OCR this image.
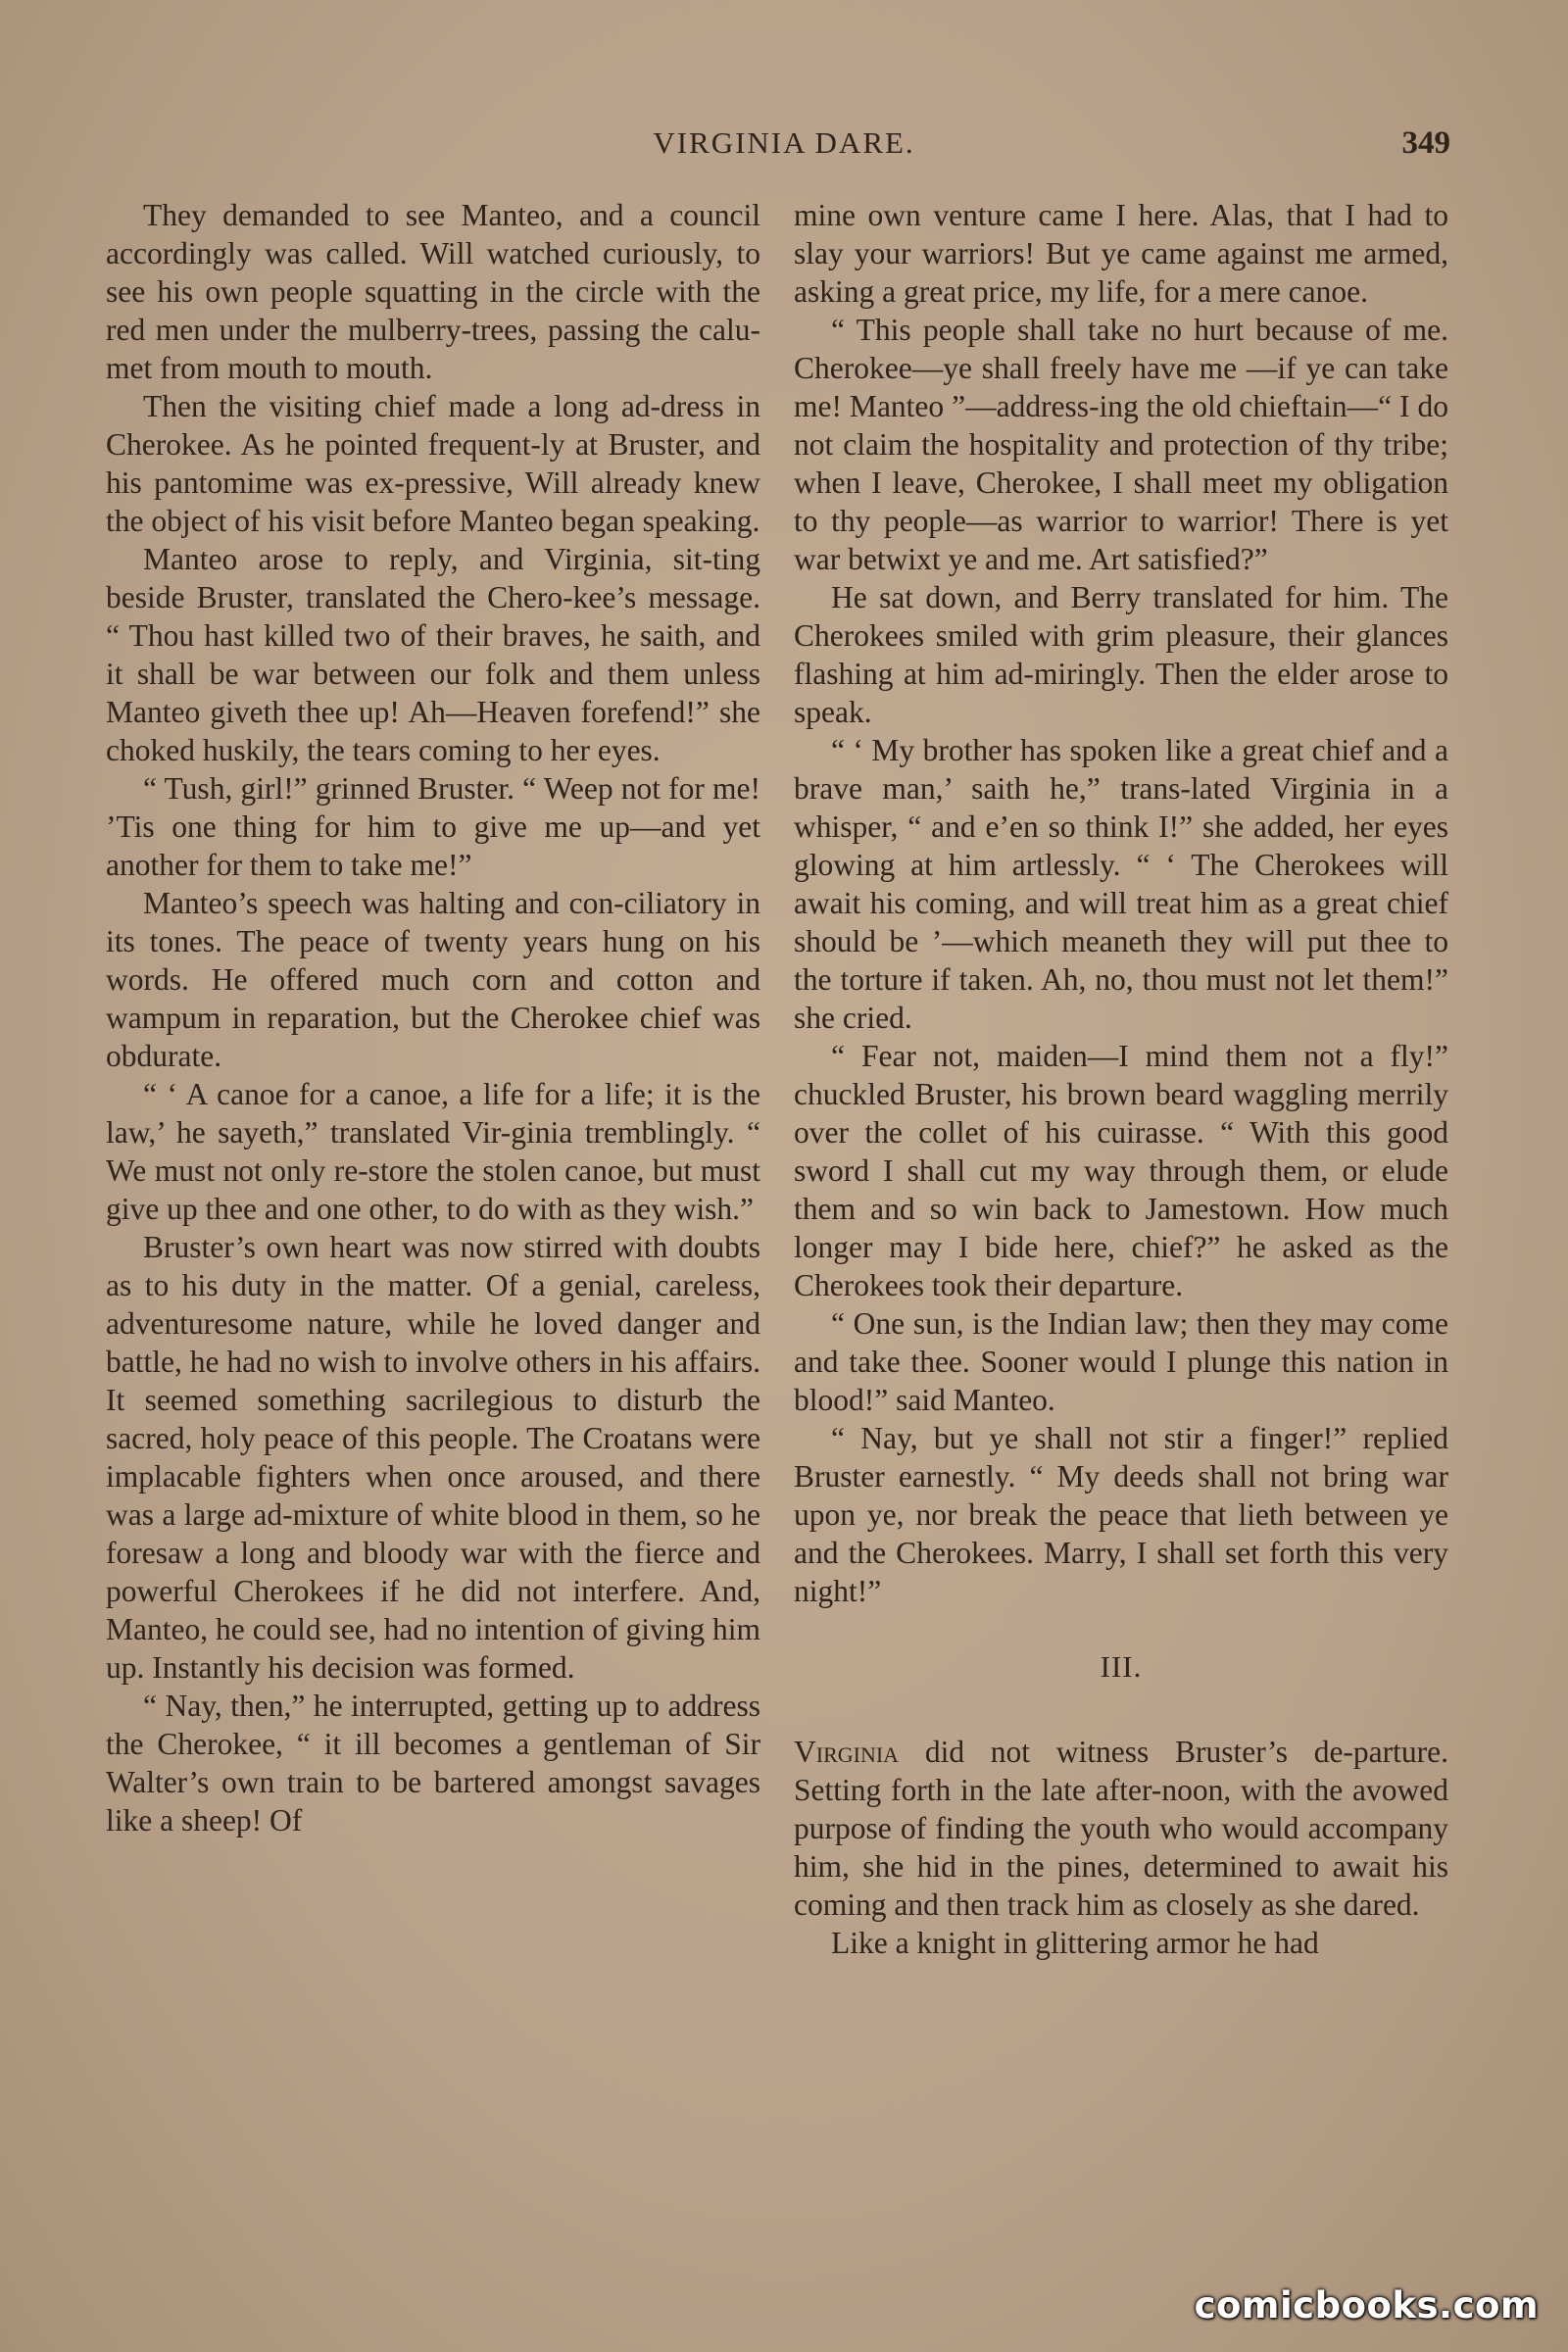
VIRGINIA DARE.	349

They demanded to see Manteo, and a council accordingly was called. Will watched curiously, to see his own people squatting in the circle with the red men under the mulberry-trees, passing the calu-met from mouth to mouth.

Then the visiting chief made a long ad-dress in Cherokee. As he pointed frequent-ly at Bruster, and his pantomime was ex-pressive, Will already knew the object of his visit before Manteo began speaking.

Manteo arose to reply, and Virginia, sit-ting beside Bruster, translated the Chero-kee’s message. “ Thou hast killed two of their braves, he saith, and it shall be war between our folk and them unless Manteo giveth thee up! Ah—Heaven forefend!” she choked huskily, the tears coming to her eyes.

“ Tush, girl!” grinned Bruster. “ Weep not for me! ’Tis one thing for him to give me up—and yet another for them to take me!”

Manteo’s speech was halting and con-ciliatory in its tones. The peace of twenty years hung on his words. He offered much corn and cotton and wampum in reparation, but the Cherokee chief was obdurate.

“ ‘ A canoe for a canoe, a life for a life; it is the law,’ he sayeth,” translated Vir-ginia tremblingly. “ We must not only re-store the stolen canoe, but must give up thee and one other, to do with as they wish.”

Bruster’s own heart was now stirred with doubts as to his duty in the matter. Of a genial, careless, adventuresome nature, while he loved danger and battle, he had no wish to involve others in his affairs. It seemed something sacrilegious to disturb the sacred, holy peace of this people. The Croatans were implacable fighters when once aroused, and there was a large ad-mixture of white blood in them, so he foresaw a long and bloody war with the fierce and powerful Cherokees if he did not interfere. And, Manteo, he could see, had no intention of giving him up. Instantly his decision was formed.

“ Nay, then,” he interrupted, getting up to address the Cherokee, “ it ill becomes a gentleman of Sir Walter’s own train to be bartered amongst savages like a sheep! Of

mine own venture came I here. Alas, that I had to slay your warriors! But ye came against me armed, asking a great price, my life, for a mere canoe.

“ This people shall take no hurt because of me. Cherokee—ye shall freely have me —if ye can take me! Manteo ”—address-ing the old chieftain—“ I do not claim the hospitality and protection of thy tribe; when I leave, Cherokee, I shall meet my obligation to thy people—as warrior to warrior! There is yet war betwixt ye and me. Art satisfied?”

He sat down, and Berry translated for him. The Cherokees smiled with grim pleasure, their glances flashing at him ad-miringly. Then the elder arose to speak.

“ ‘ My brother has spoken like a great chief and a brave man,’ saith he,” trans-lated Virginia in a whisper, “ and e’en so think I!” she added, her eyes glowing at him artlessly. “ ‘ The Cherokees will await his coming, and will treat him as a great chief should be ’—which meaneth they will put thee to the torture if taken. Ah, no, thou must not let them!” she cried.

“ Fear not, maiden—I mind them not a fly!” chuckled Bruster, his brown beard waggling merrily over the collet of his cuirasse. “ With this good sword I shall cut my way through them, or elude them and so win back to Jamestown. How much longer may I bide here, chief?” he asked as the Cherokees took their departure.

“ One sun, is the Indian law; then they may come and take thee. Sooner would I plunge this nation in blood!” said Manteo.

“ Nay, but ye shall not stir a finger!” replied Bruster earnestly. “ My deeds shall not bring war upon ye, nor break the peace that lieth between ye and the Cherokees. Marry, I shall set forth this very night!”

III.

Virginia did not witness Bruster’s de-parture. Setting forth in the late after-noon, with the avowed purpose of finding the youth who would accompany him, she hid in the pines, determined to await his coming and then track him as closely as she dared.

Like a knight in glittering armor he had

comicbooks.com
